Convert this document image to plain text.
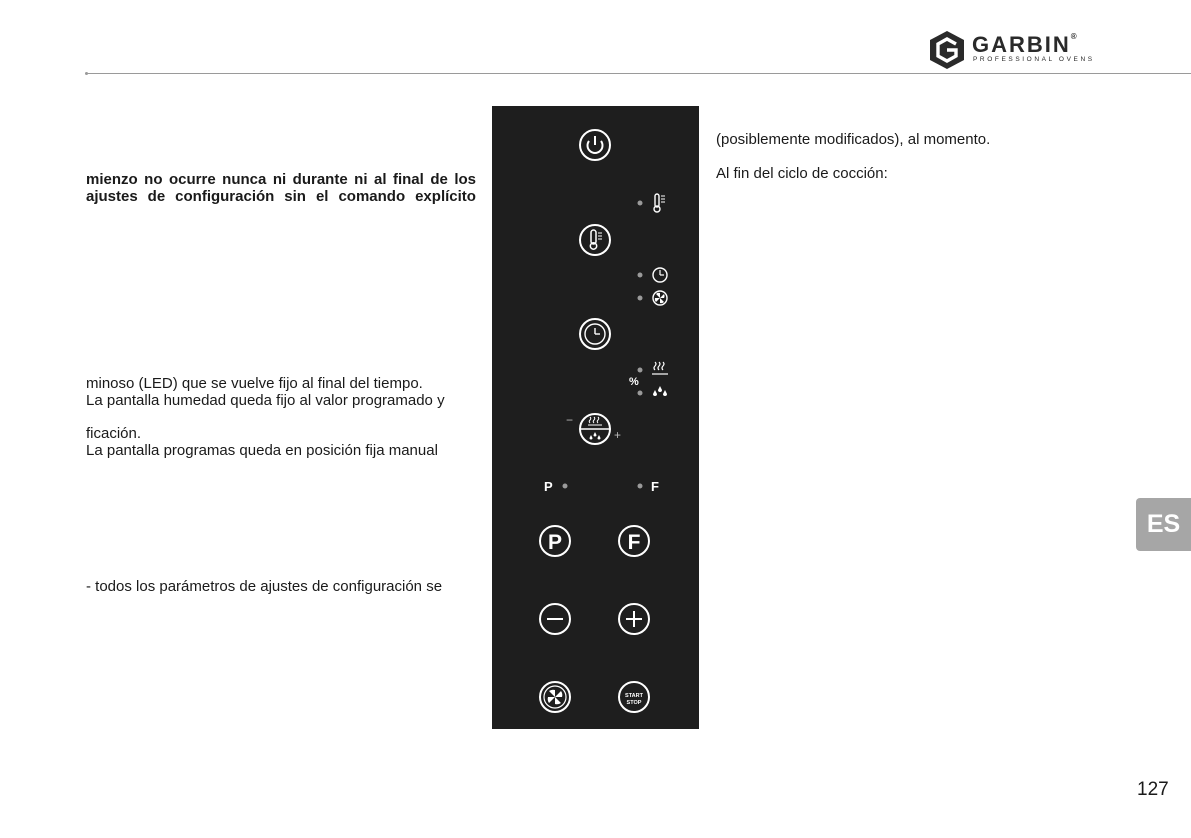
GARBIN®
PROFESSIONAL OVENS
mienzo no ocurre nunca ni durante ni al final de los
ajustes de configuración sin el comando explícito
minoso (LED) que se vuelve fijo al final del tiempo.
La pantalla humedad queda fijo al valor programado y
ficación.
La pantalla programas queda en posición fija manual
- todos los parámetros de ajustes de configuración se
(posiblemente modificados), al momento.
Al fin del ciclo de cocción:
%
P	F
P	F
START
STOP
−
+
ES
127
